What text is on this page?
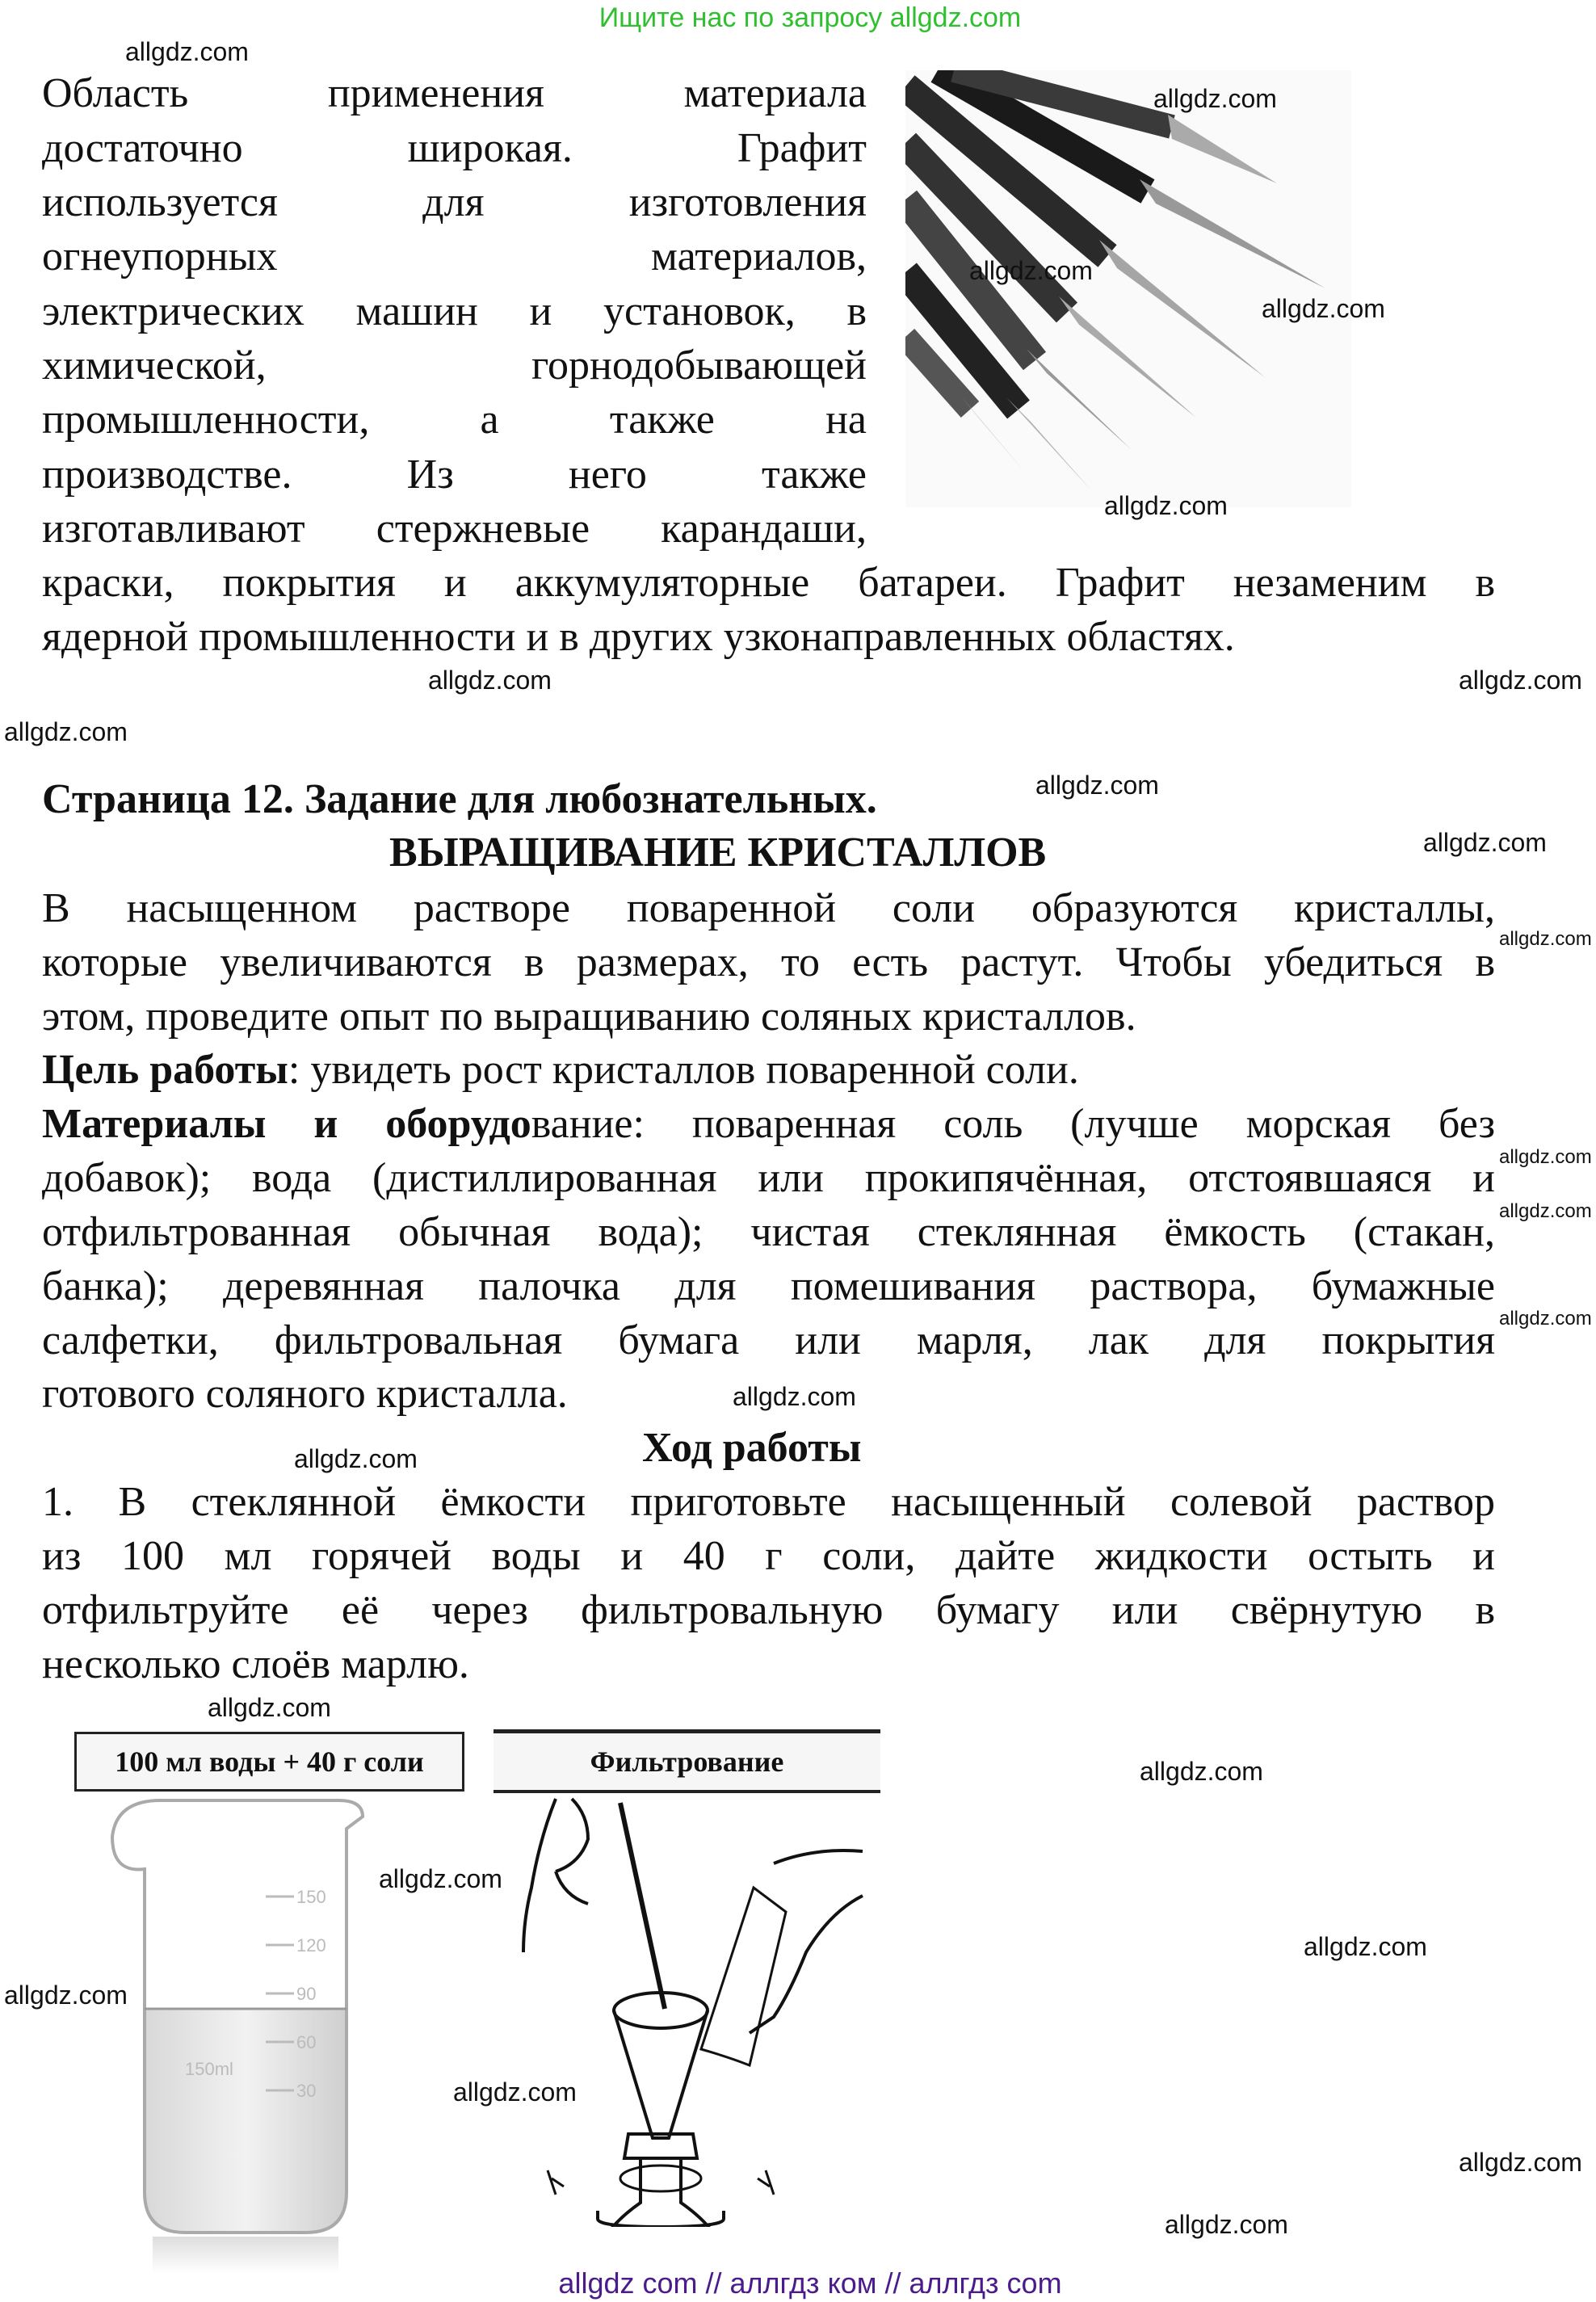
Ищите нас по запросу allgdz.com
Область применения материала
достаточно широкая. Графит
используется для изготовления
огнеупорных материалов,
электрических машин и установок, в
химической, горнодобывающей
промышленности, а также на
производстве. Из него также
изготавливают стержневые карандаши,
краски, покрытия и аккумуляторные батареи. Графит незаменим в
ядерной промышленности и в других узконаправленных областях.
Страница 12. Задание для любознательных.
ВЫРАЩИВАНИЕ КРИСТАЛЛОВ
В насыщенном растворе поваренной соли образуются кристаллы,
которые увеличиваются в размерах, то есть растут. Чтобы убедиться в
этом, проведите опыт по выращиванию соляных кристаллов.
Цель работы: увидеть рост кристаллов поваренной соли.
Материалы и оборудование: поваренная соль (лучше морская без
добавок); вода (дистиллированная или прокипячённая, отстоявшаяся и
отфильтрованная обычная вода); чистая стеклянная ёмкость (стакан,
банка); деревянная палочка для помешивания раствора, бумажные
салфетки, фильтровальная бумага или марля, лак для покрытия
готового соляного кристалла.
Ход работы
1. В стеклянной ёмкости приготовьте насыщенный солевой раствор
из 100 мл горячей воды и 40 г соли, дайте жидкости остыть и
отфильтруйте её через фильтровальную бумагу или свёрнутую в
несколько слоёв марлю.
100 мл воды + 40 г соли	Фильтрование
150
120
90
60
30
150ml
allgdz.com
allgdz.com
allgdz.com
allgdz.com
allgdz.com
allgdz.com
allgdz.com
allgdz.com
allgdz.com
allgdz.com
allgdz.com
allgdz.com
allgdz.com
allgdz.com
allgdz.com
allgdz.com
allgdz.com
allgdz.com
allgdz.com
allgdz.com
allgdz.com
allgdz.com
allgdz.com
allgdz.com
allgdz com // аллгдз ком // аллгдз com
